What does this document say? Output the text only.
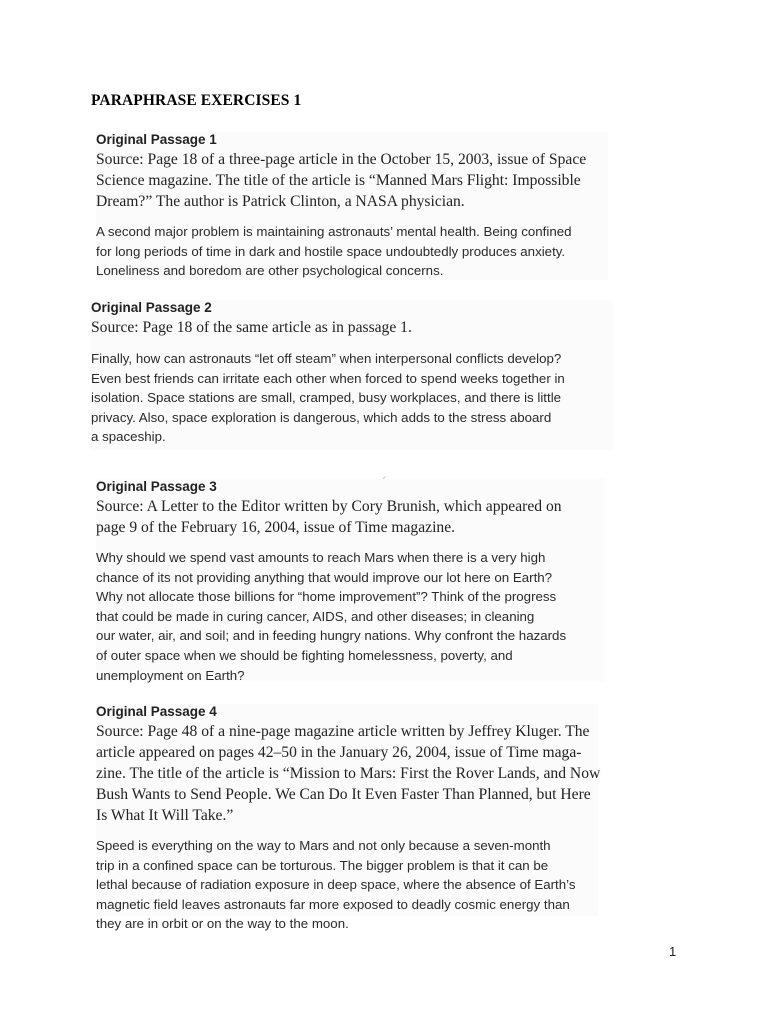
PARAPHRASE EXERCISES 1
Original Passage 1
Source: Page 18 of a three-page article in the October 15, 2003, issue of Space
Science magazine. The title of the article is “Manned Mars Flight: Impossible
Dream?” The author is Patrick Clinton, a NASA physician.
A second major problem is maintaining astronauts’ mental health. Being confined
for long periods of time in dark and hostile space undoubtedly produces anxiety.
Loneliness and boredom are other psychological concerns.
Original Passage 2
Source: Page 18 of the same article as in passage 1.
Finally, how can astronauts “let off steam” when interpersonal conflicts develop?
Even best friends can irritate each other when forced to spend weeks together in
isolation. Space stations are small, cramped, busy workplaces, and there is little
privacy. Also, space exploration is dangerous, which adds to the stress aboard
a spaceship.
Original Passage 3
Source: A Letter to the Editor written by Cory Brunish, which appeared on
page 9 of the February 16, 2004, issue of Time magazine.
Why should we spend vast amounts to reach Mars when there is a very high
chance of its not providing anything that would improve our lot here on Earth?
Why not allocate those billions for “home improvement”? Think of the progress
that could be made in curing cancer, AIDS, and other diseases; in cleaning
our water, air, and soil; and in feeding hungry nations. Why confront the hazards
of outer space when we should be fighting homelessness, poverty, and
unemployment on Earth?
Original Passage 4
Source: Page 48 of a nine-page magazine article written by Jeffrey Kluger. The
article appeared on pages 42–50 in the January 26, 2004, issue of Time maga-
zine. The title of the article is “Mission to Mars: First the Rover Lands, and Now
Bush Wants to Send People. We Can Do It Even Faster Than Planned, but Here
Is What It Will Take.”
Speed is everything on the way to Mars and not only because a seven-month
trip in a confined space can be torturous. The bigger problem is that it can be
lethal because of radiation exposure in deep space, where the absence of Earth’s
magnetic field leaves astronauts far more exposed to deadly cosmic energy than
they are in orbit or on the way to the moon.
1
